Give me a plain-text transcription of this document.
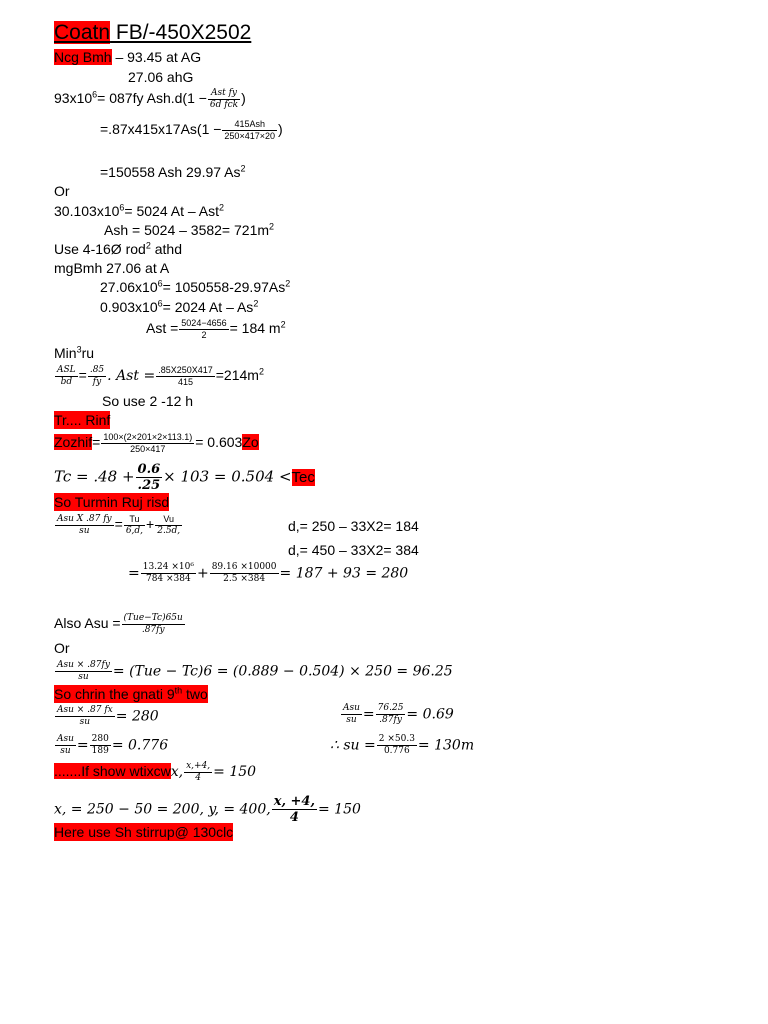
Coatn FB/-450X2502
Ncg Bmh – 93.45 at AG
27.06 ahG
$93x10^6= 087fy$ $Ash.d(1 - \frac{\text{Ast fy}}{\text{6d fck}}$ )
$=.87x415x17As(1 - \frac{\text{415Ash}}{250\times 417\times 20}$ )
=150558 Ash 29.97 As$^2$
Or
$30.103x10^6= 5024$ At – Ast$^2$
Ash = $5024 - 3582= 721m^2$
Use 4-16Ø rod$^2$ athd
mgBmh 27.06 at A
$27.06x10^6= 1050558-29.97As^2$
$0.903x10^6= 2024$ At – As$^2$
Ast = $\frac{5024-4656}{2} = 184$ $m^2$
Min$^3$ru
$\frac{\text{ASL}}{bd} = \frac{.85}{fy}$ . Ast = $\frac{.85X250X417}{415} =214m^2$
So use 2 -12 h
Tr.... Rinf
Zozhif= $\frac{100\times(2\times 201\times 2\times 113.1)}{250\times 417} = 0.603Zo$
$Tc = .48 + \frac{0.6}{.25} \times 103 = 0.504 <Tec$
So Turmin Ruj risd
$\frac{\text{Asu X .87 fy}}{su} = \frac{Tu}{6,d,} + \frac{Vu}{2.5d,}$	d,= 250 – 33X2= 184
d,= 450 – 33X2= 384
= $\frac{\text{13.24 ×10⁶}}{784 \times 384} + \frac{89.16 \times 10000}{2.5 \times 384} = 187 + 93 = 280$
Also Asu = $\frac{\text{(Tue−Tc)65u}}{.87fy}$
Or
$\frac{\text{Asu × .87fy}}{su} = (Tue - Tc)6 = (0.889 - 0.504) \times 250 = 96.25$
So chrin the gnati 9th two
$\frac{\text{Asu × .87 fx}}{su} = 280$	$\frac{\text{Asu}}{su} = \frac{76.25}{.87fy} = 0.69$
$\frac{\text{Asu}}{su} = \frac{280}{189} = 0.776$	∴ su = $\frac{2 \times 50.3}{0.776} = 130m$
.......If show wtixcwx, $\frac{x,+4,}{4} = 150$
x, = 250 − 50 = 200, y, = 400, $\frac{x, +4,}{4} = 150$
Here use Sh stirrup@ 130clc
